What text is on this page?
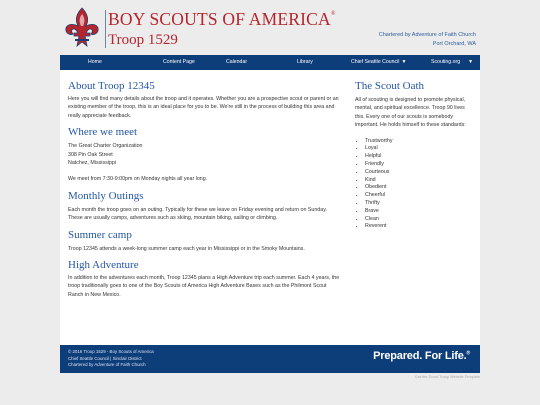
BOY SCOUTS OF AMERICA®
Troop 1529	Chartered by Adventure of Faith Church
Port Orchard, WA
Home	Content Page	Calendar	Library	Chief Seattle Council ▼	Scouting.org ▼
About Troop 12345

Here you will find many details about the troop and it operates. Whether you are a prospective scout or parent or an existing member of the troop, this is an ideal place for you to be. We're still in the process of building this area and really appreciate feedback.

Where we meet

The Great Charter Organization

308 Pin Oak Street

Natchez, Mississippi

We meet from 7:30-9:00pm on Monday nights all year long.

Monthly Outings

Each month the troop goes on an outing. Typically for these we leave on Friday evening and return on Sunday. These are usually camps, adventures such as skiing, mountain biking, sailing or climbing.

Summer camp

Troop 12345 attends a week-long summer camp each year in Mississippi or in the Smoky Mountains.

High Adventure

In addition to the adventures each month, Troop 12345 plans a High Adventure trip each summer. Each 4 years, the troop traditionally goes to one of the Boy Scouts of America High Adventure Bases such as the Philmont Scout Ranch in New Mexico.

The Scout Oath

All of scouting is designed to promote physical, mental, and spiritual excellence. Troop 90 lives this. Every one of our scouts is somebody important. He holds himself to these standards:

• Trustworthy
• Loyal
• Helpful
• Friendly
• Courteous
• Kind
• Obedient
• Cheerful
• Thrifty
• Brave
• Clean
• Reverent
© 2016 Troop 1529 - Boy Scouts of America
Chief Seattle Council | Sinclair District
Chartered by Adventure of Faith Church
Prepared. For Life.®
Get the Scout Troop Website Template
